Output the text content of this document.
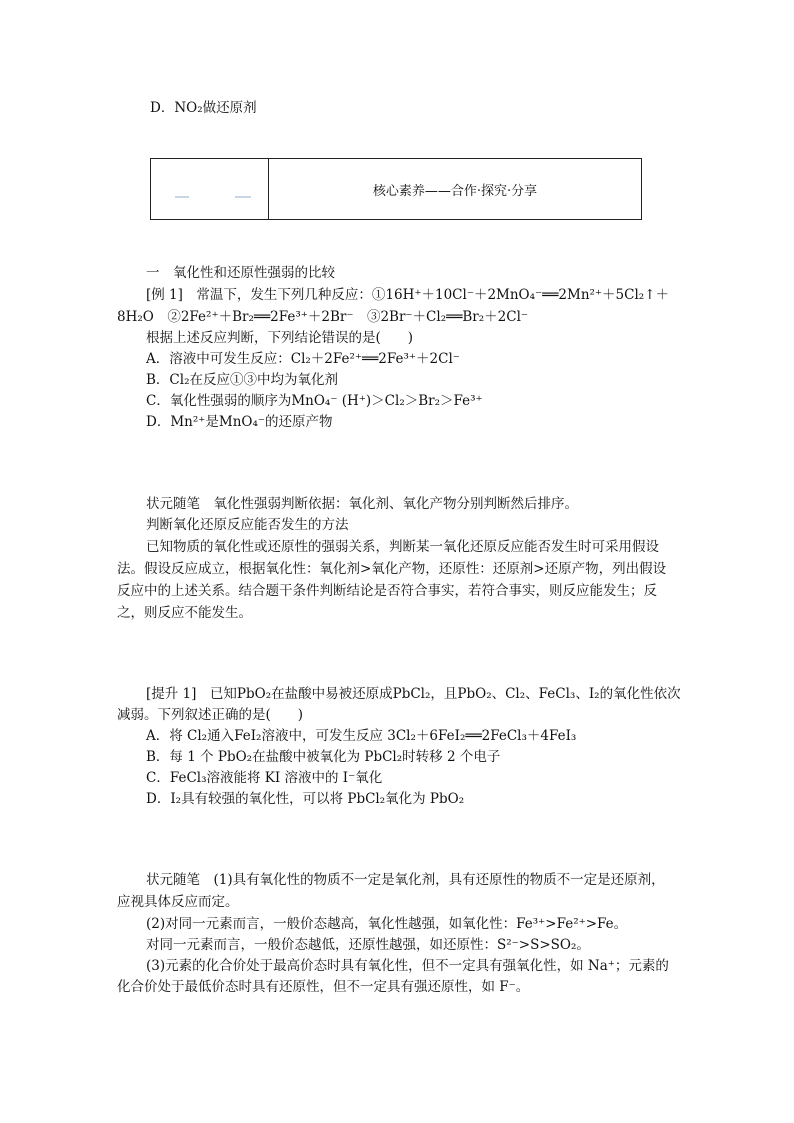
D．NO₂做还原剂
核心素养——合作·探究·分享
一　氧化性和还原性强弱的比较
[例 1]　常温下，发生下列几种反应：①16H⁺＋10Cl⁻＋2MnO₄⁻══2Mn²⁺＋5Cl₂↑＋
8H₂O　②2Fe²⁺＋Br₂══2Fe³⁺＋2Br⁻　③2Br⁻＋Cl₂══Br₂＋2Cl⁻
根据上述反应判断，下列结论错误的是(　　)
A．溶液中可发生反应：Cl₂＋2Fe²⁺══2Fe³⁺＋2Cl⁻
B．Cl₂在反应①③中均为氧化剂
C．氧化性强弱的顺序为MnO₄⁻ (H⁺)＞Cl₂＞Br₂＞Fe³⁺
D．Mn²⁺是MnO₄⁻的还原产物
状元随笔　氧化性强弱判断依据：氧化剂、氧化产物分别判断然后排序。
判断氧化还原反应能否发生的方法
已知物质的氧化性或还原性的强弱关系，判断某一氧化还原反应能否发生时可采用假设
法。假设反应成立，根据氧化性：氧化剂>氧化产物，还原性：还原剂>还原产物，列出假设
反应中的上述关系。结合题干条件判断结论是否符合事实，若符合事实，则反应能发生；反
之，则反应不能发生。
[提升 1]　已知PbO₂在盐酸中易被还原成PbCl₂，且PbO₂、Cl₂、FeCl₃、I₂的氧化性依次
减弱。下列叙述正确的是(　　)
A．将 Cl₂通入FeI₂溶液中，可发生反应 3Cl₂＋6FeI₂══2FeCl₃＋4FeI₃
B．每 1 个 PbO₂在盐酸中被氧化为 PbCl₂时转移 2 个电子
C．FeCl₃溶液能将 KI 溶液中的 I⁻氧化
D．I₂具有较强的氧化性，可以将 PbCl₂氧化为 PbO₂
状元随笔　(1)具有氧化性的物质不一定是氧化剂，具有还原性的物质不一定是还原剂，
应视具体反应而定。
(2)对同一元素而言，一般价态越高，氧化性越强，如氧化性：Fe³⁺>Fe²⁺>Fe。
对同一元素而言，一般价态越低，还原性越强，如还原性：S²⁻>S>SO₂。
(3)元素的化合价处于最高价态时具有氧化性，但不一定具有强氧化性，如 Na⁺；元素的
化合价处于最低价态时具有还原性，但不一定具有强还原性，如 F⁻。
